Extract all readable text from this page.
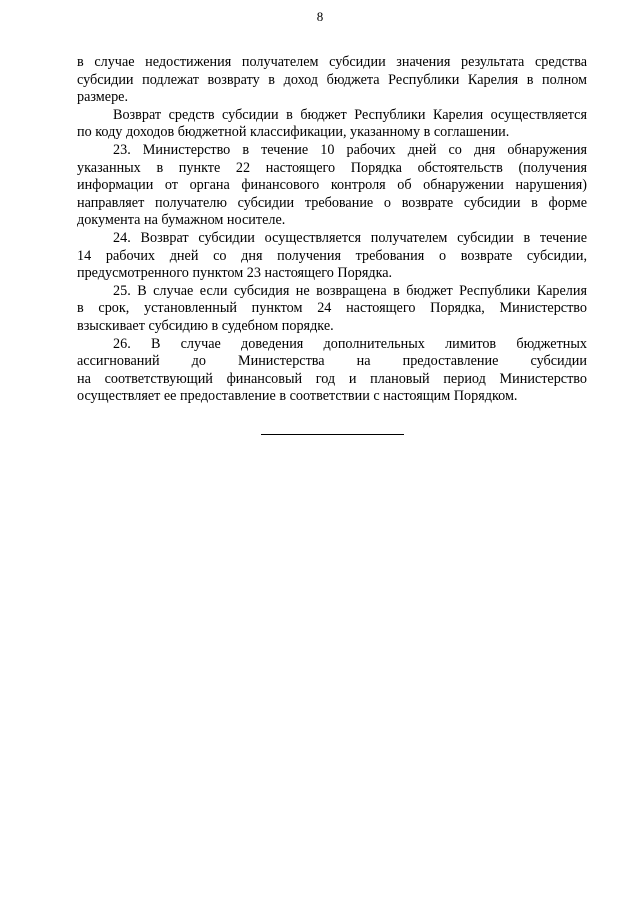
8

в случае недостижения получателем субсидии значения результата средства
субсидии подлежат возврату в доход бюджета Республики Карелия в полном
размере.

Возврат средств субсидии в бюджет Республики Карелия осуществляется
по коду доходов бюджетной классификации, указанному в соглашении.

23. Министерство в течение 10 рабочих дней со дня обнаружения
указанных в пункте 22 настоящего Порядка обстоятельств (получения
информации от органа финансового контроля об обнаружении нарушения)
направляет получателю субсидии требование о возврате субсидии в форме
документа на бумажном носителе.

24. Возврат субсидии осуществляется получателем субсидии в течение
14 рабочих дней со дня получения требования о возврате субсидии,
предусмотренного пунктом 23 настоящего Порядка.

25. В случае если субсидия не возвращена в бюджет Республики Карелия
в срок, установленный пунктом 24 настоящего Порядка, Министерство
взыскивает субсидию в судебном порядке.

26. В случае доведения дополнительных лимитов бюджетных
ассигнований до Министерства на предоставление субсидии
на соответствующий финансовый год и плановый период Министерство
осуществляет ее предоставление в соответствии с настоящим Порядком.
